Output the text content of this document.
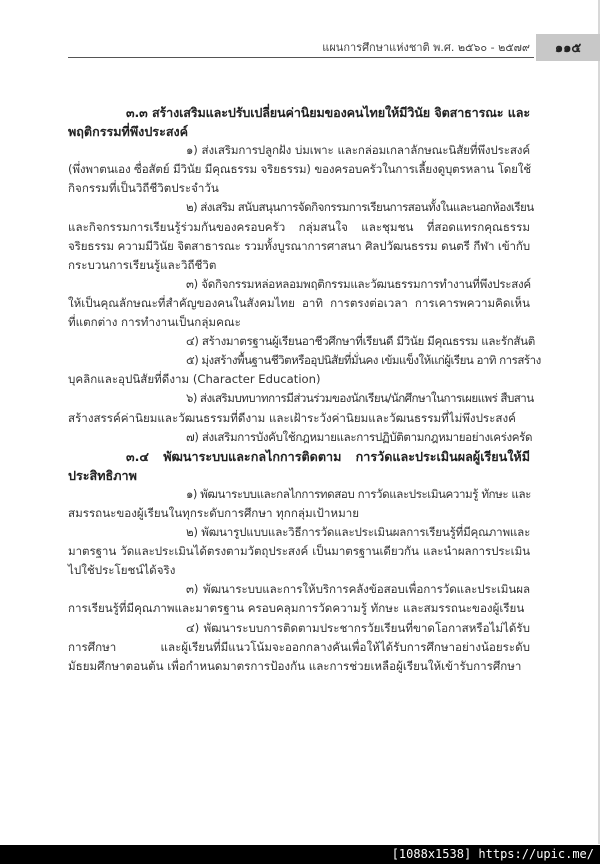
แผนการศึกษาแห่งชาติ พ.ศ. ๒๕๖๐ - ๒๕๗๙	๑๑๕
๓.๓ สร้างเสริมและปรับเปลี่ยนค่านิยมของคนไทยให้มีวินัย จิตสาธารณะ และ
พฤติกรรมที่พึงประสงค์
๑) ส่งเสริมการปลูกฝัง บ่มเพาะ และกล่อมเกลาลักษณะนิสัยที่พึงประสงค์
(พึ่งพาตนเอง ซื่อสัตย์ มีวินัย มีคุณธรรม จริยธรรม) ของครอบครัวในการเลี้ยงดูบุตรหลาน โดยใช้
กิจกรรมที่เป็นวิถีชีวิตประจำวัน
๒) ส่งเสริม สนับสนุนการจัดกิจกรรมการเรียนการสอนทั้งในและนอกห้องเรียน
และกิจกรรมการเรียนรู้ร่วมกันของครอบครัว กลุ่มสนใจ และชุมชน ที่สอดแทรกคุณธรรม
จริยธรรม ความมีวินัย จิตสาธารณะ รวมทั้งบูรณาการศาสนา ศิลปวัฒนธรรม ดนตรี กีฬา เข้ากับ
กระบวนการเรียนรู้และวิถีชีวิต
๓) จัดกิจกรรมหล่อหลอมพฤติกรรมและวัฒนธรรมการทำงานที่พึงประสงค์
ให้เป็นคุณลักษณะที่สำคัญของคนในสังคมไทย อาทิ การตรงต่อเวลา การเคารพความคิดเห็น
ที่แตกต่าง การทำงานเป็นกลุ่มคณะ
๔) สร้างมาตรฐานผู้เรียนอาชีวศึกษาที่เรียนดี มีวินัย มีคุณธรรม และรักสันติ
๕) มุ่งสร้างพื้นฐานชีวิตหรืออุปนิสัยที่มั่นคง เข้มแข็งให้แก่ผู้เรียน อาทิ การสร้าง
บุคลิกและอุปนิสัยที่ดีงาม (Character Education)
๖) ส่งเสริมบทบาทการมีส่วนร่วมของนักเรียน/นักศึกษาในการเผยแพร่ สืบสาน
สร้างสรรค์ค่านิยมและวัฒนธรรมที่ดีงาม และเฝ้าระวังค่านิยมและวัฒนธรรมที่ไม่พึงประสงค์
๗) ส่งเสริมการบังคับใช้กฎหมายและการปฏิบัติตามกฎหมายอย่างเคร่งครัด
๓.๔ พัฒนาระบบและกลไกการติดตาม การวัดและประเมินผลผู้เรียนให้มี
ประสิทธิภาพ
๑) พัฒนาระบบและกลไกการทดสอบ การวัดและประเมินความรู้ ทักษะ และ
สมรรถนะของผู้เรียนในทุกระดับการศึกษา ทุกกลุ่มเป้าหมาย
๒) พัฒนารูปแบบและวิธีการวัดและประเมินผลการเรียนรู้ที่มีคุณภาพและ
มาตรฐาน วัดและประเมินได้ตรงตามวัตถุประสงค์ เป็นมาตรฐานเดียวกัน และนำผลการประเมิน
ไปใช้ประโยชน์ได้จริง
๓) พัฒนาระบบและการให้บริการคลังข้อสอบเพื่อการวัดและประเมินผล
การเรียนรู้ที่มีคุณภาพและมาตรฐาน ครอบคลุมการวัดความรู้ ทักษะ และสมรรถนะของผู้เรียน
๔) พัฒนาระบบการติดตามประชากรวัยเรียนที่ขาดโอกาสหรือไม่ได้รับ
การศึกษา และผู้เรียนที่มีแนวโน้มจะออกกลางคันเพื่อให้ได้รับการศึกษาอย่างน้อยระดับ
มัธยมศึกษาตอนต้น เพื่อกำหนดมาตรการป้องกัน และการช่วยเหลือผู้เรียนให้เข้ารับการศึกษา
[1088x1538] https://upic.me/
